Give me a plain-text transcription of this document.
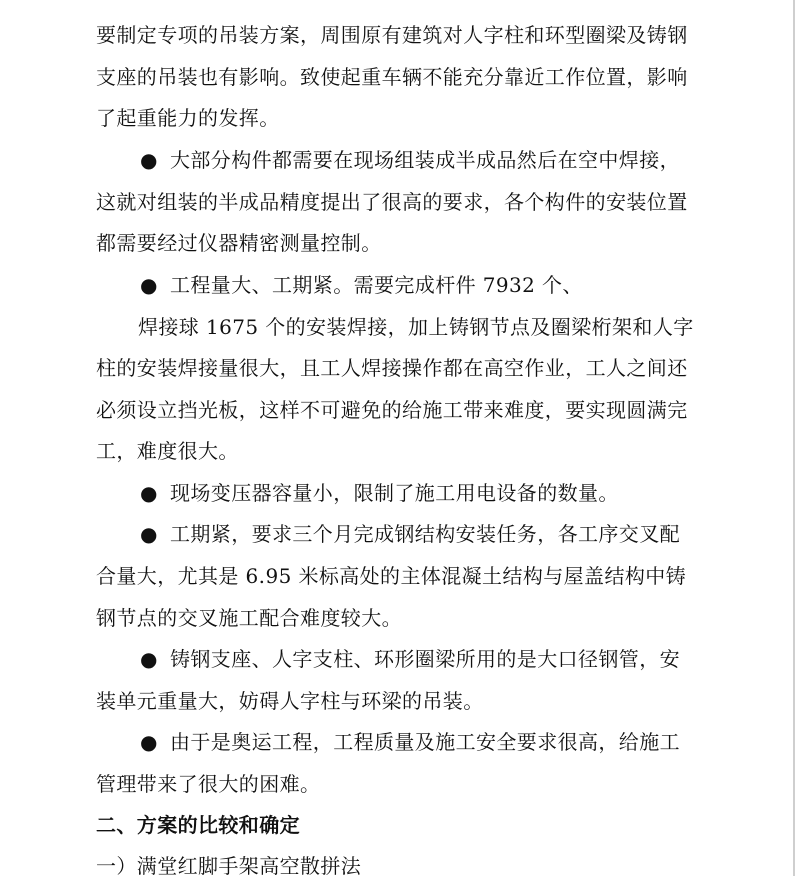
要制定专项的吊装方案，周围原有建筑对人字柱和环型圈梁及铸钢
支座的吊装也有影响。致使起重车辆不能充分靠近工作位置，影响
了起重能力的发挥。
● 大部分构件都需要在现场组装成半成品然后在空中焊接，
这就对组装的半成品精度提出了很高的要求，各个构件的安装位置
都需要经过仪器精密测量控制。
● 工程量大、工期紧。需要完成杆件 7932 个、
焊接球 1675 个的安装焊接，加上铸钢节点及圈梁桁架和人字
柱的安装焊接量很大，且工人焊接操作都在高空作业，工人之间还
必须设立挡光板，这样不可避免的给施工带来难度，要实现圆满完
工，难度很大。
● 现场变压器容量小，限制了施工用电设备的数量。
● 工期紧，要求三个月完成钢结构安装任务，各工序交叉配
合量大，尤其是 6.95 米标高处的主体混凝土结构与屋盖结构中铸
钢节点的交叉施工配合难度较大。
● 铸钢支座、人字支柱、环形圈梁所用的是大口径钢管，安
装单元重量大，妨碍人字柱与环梁的吊装。
● 由于是奥运工程，工程质量及施工安全要求很高，给施工
管理带来了很大的困难。
二、方案的比较和确定
一）满堂红脚手架高空散拼法
